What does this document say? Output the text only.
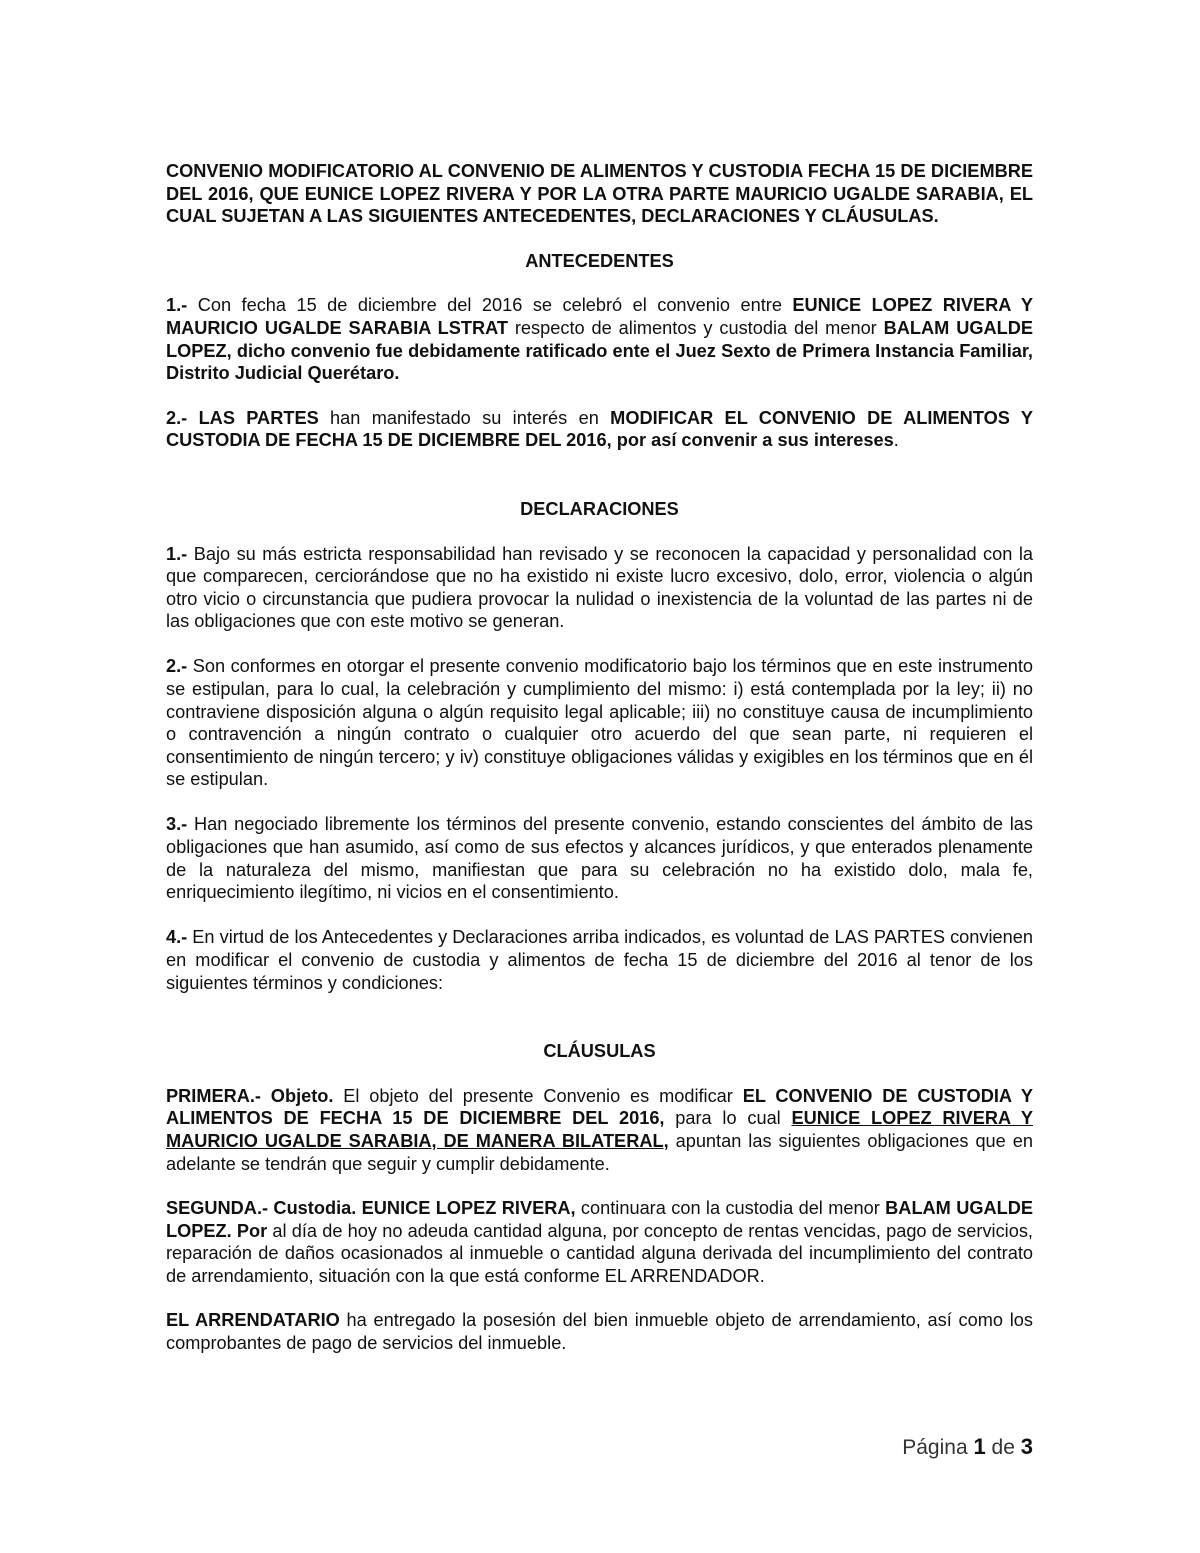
CONVENIO MODIFICATORIO AL CONVENIO DE ALIMENTOS Y CUSTODIA FECHA 15 DE DICIEMBRE DEL 2016, QUE EUNICE LOPEZ RIVERA Y POR LA OTRA PARTE MAURICIO UGALDE SARABIA, EL CUAL SUJETAN A LAS SIGUIENTES ANTECEDENTES, DECLARACIONES Y CLÁUSULAS.

ANTECEDENTES

1.- Con fecha 15 de diciembre del 2016 se celebró el convenio entre EUNICE LOPEZ RIVERA Y MAURICIO UGALDE SARABIA LSTRAT respecto de alimentos y custodia del menor BALAM UGALDE LOPEZ, dicho convenio fue debidamente ratificado ente el Juez Sexto de Primera Instancia Familiar, Distrito Judicial Querétaro.

2.- LAS PARTES han manifestado su interés en MODIFICAR EL CONVENIO DE ALIMENTOS Y CUSTODIA DE FECHA 15 DE DICIEMBRE DEL 2016, por así convenir a sus intereses.

DECLARACIONES

1.- Bajo su más estricta responsabilidad han revisado y se reconocen la capacidad y personalidad con la que comparecen, cerciorándose que no ha existido ni existe lucro excesivo, dolo, error, violencia o algún otro vicio o circunstancia que pudiera provocar la nulidad o inexistencia de la voluntad de las partes ni de las obligaciones que con este motivo se generan.

2.- Son conformes en otorgar el presente convenio modificatorio bajo los términos que en este instrumento se estipulan, para lo cual, la celebración y cumplimiento del mismo: i) está contemplada por la ley; ii) no contraviene disposición alguna o algún requisito legal aplicable; iii) no constituye causa de incumplimiento o contravención a ningún contrato o cualquier otro acuerdo del que sean parte, ni requieren el consentimiento de ningún tercero; y iv) constituye obligaciones válidas y exigibles en los términos que en él se estipulan.

3.- Han negociado libremente los términos del presente convenio, estando conscientes del ámbito de las obligaciones que han asumido, así como de sus efectos y alcances jurídicos, y que enterados plenamente de la naturaleza del mismo, manifiestan que para su celebración no ha existido dolo, mala fe, enriquecimiento ilegítimo, ni vicios en el consentimiento.

4.- En virtud de los Antecedentes y Declaraciones arriba indicados, es voluntad de LAS PARTES convienen en modificar el convenio de custodia y alimentos de fecha 15 de diciembre del 2016 al tenor de los siguientes términos y condiciones:

CLÁUSULAS

PRIMERA.- Objeto. El objeto del presente Convenio es modificar EL CONVENIO DE CUSTODIA Y ALIMENTOS DE FECHA 15 DE DICIEMBRE DEL 2016, para lo cual EUNICE LOPEZ RIVERA Y MAURICIO UGALDE SARABIA, DE MANERA BILATERAL, apuntan las siguientes obligaciones que en adelante se tendrán que seguir y cumplir debidamente.

SEGUNDA.- Custodia. EUNICE LOPEZ RIVERA, continuara con la custodia del menor BALAM UGALDE LOPEZ. Por al día de hoy no adeuda cantidad alguna, por concepto de rentas vencidas, pago de servicios, reparación de daños ocasionados al inmueble o cantidad alguna derivada del incumplimiento del contrato de arrendamiento, situación con la que está conforme EL ARRENDADOR.

EL ARRENDATARIO ha entregado la posesión del bien inmueble objeto de arrendamiento, así como los comprobantes de pago de servicios del inmueble.

Página 1 de 3
